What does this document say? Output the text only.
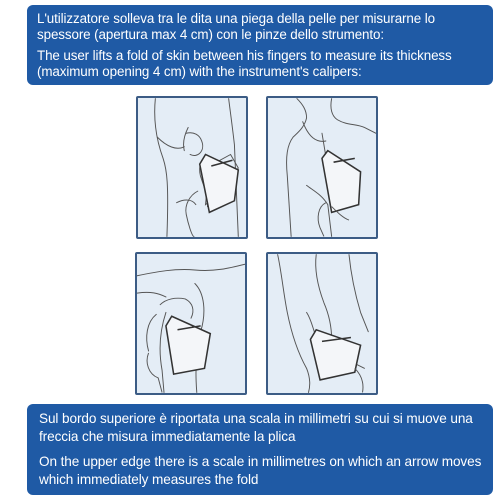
L'utilizzatore solleva tra le dita una piega della pelle per misurarne lo spessore (apertura max 4 cm) con le pinze dello strumento:

The user lifts a fold of skin between his fingers to measure its thickness (maximum opening 4 cm) with the instrument's calipers:

Sul bordo superiore è riportata una scala in millimetri su cui si muove una freccia che misura immediatamente la plica

On the upper edge there is a scale in millimetres on which an arrow moves which immediately measures the fold
